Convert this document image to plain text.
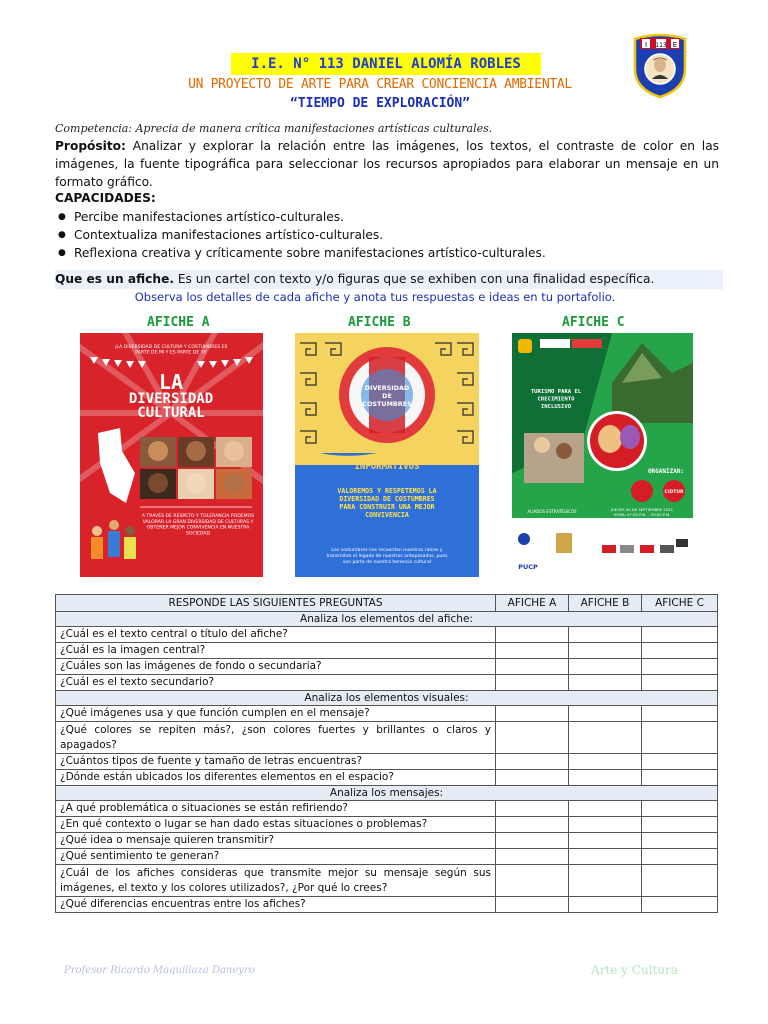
I.E. N° 113 DANIEL ALOMÍA ROBLES
UN PROYECTO DE ARTE PARA CREAR CONCIENCIA AMBIENTAL
“TIEMPO DE EXPLORACIÓN”
I 113 E
Competencia: Aprecia de manera crítica manifestaciones artísticas culturales.
Propósito: Analizar y explorar la relación entre las imágenes, los textos, el contraste de color en las imágenes, la fuente tipográfica para seleccionar los recursos apropiados para elaborar un mensaje en un formato gráfico.
CAPACIDADES:
● Percibe manifestaciones artístico-culturales.
● Contextualiza manifestaciones artístico-culturales.
● Reflexiona creativa y críticamente sobre manifestaciones artístico-culturales.
Que es un afiche. Es un cartel con texto y/o figuras que se exhiben con una finalidad específica.
Observa los detalles de cada afiche y anota tus respuestas e ideas en tu portafolio.
AFICHE A	AFICHE B	AFICHE C
¡LA DIVERSIDAD DE CULTURA Y COSTUMBRES ES PARTE DE MI Y ES PARTE DE TI!
LA
DIVERSIDAD
CULTURAL
A TRAVÉS DE RESPETO Y TOLERANCIA PODEMOS VALORAR LA GRAN DIVERSIDAD DE CULTURAS Y OBTENER MEJOR CONVIVENCIA EN NUESTRA SOCIEDAD
DIVERSIDAD DE COSTUMBRES
INFORMATIVOS
VALOREMOS Y RESPETEMOS LA DIVERSIDAD DE COSTUMBRES PARA CONSTRUIR UNA MEJOR CONVIVENCIA
Las costumbres nos recuerdan nuestras raíces y transmiten el legado de nuestros antepasados, pues son parte de nuestra herencia cultural
TURISMO PARA EL CRECIMIENTO INCLUSIVO
ORGANIZAN:
CIDTUR
ALIADOS ESTRATÉGICOS	JUEVES 30 DE SEPTIEMBRE 2021 HORA: 07:00 P.M. – 09:00 P.M.
PUCP
RESPONDE LAS SIGUIENTES PREGUNTAS	AFICHE A	AFICHE B	AFICHE C
Analiza los elementos del afiche:			
¿Cuál es el texto central o título del afiche?			
¿Cuál es la imagen central?			
¿Cuáles son las imágenes de fondo o secundaria?			
¿Cuál es el texto secundario?			
Analiza los elementos visuales:			
¿Qué imágenes usa y que función cumplen en el mensaje?			
¿Qué colores se repiten más?, ¿son colores fuertes y brillantes o claros y apagados?			
¿Cuántos tipos de fuente y tamaño de letras encuentras?			
¿Dónde están ubicados los diferentes elementos en el espacio?			
Analiza los mensajes:			
¿A qué problemática o situaciones se están refiriendo?			
¿En qué contexto o lugar se han dado estas situaciones o problemas?			
¿Qué idea o mensaje quieren transmitir?			
¿Qué sentimiento te generan?			
¿Cuál de los afiches consideras que transmite mejor su mensaje según sus imágenes, el texto y los colores utilizados?, ¿Por qué lo crees?			
¿Qué diferencias encuentras entre los afiches?			
Profesor Ricardo Maquillaza Daneyro	Arte y Cultura
